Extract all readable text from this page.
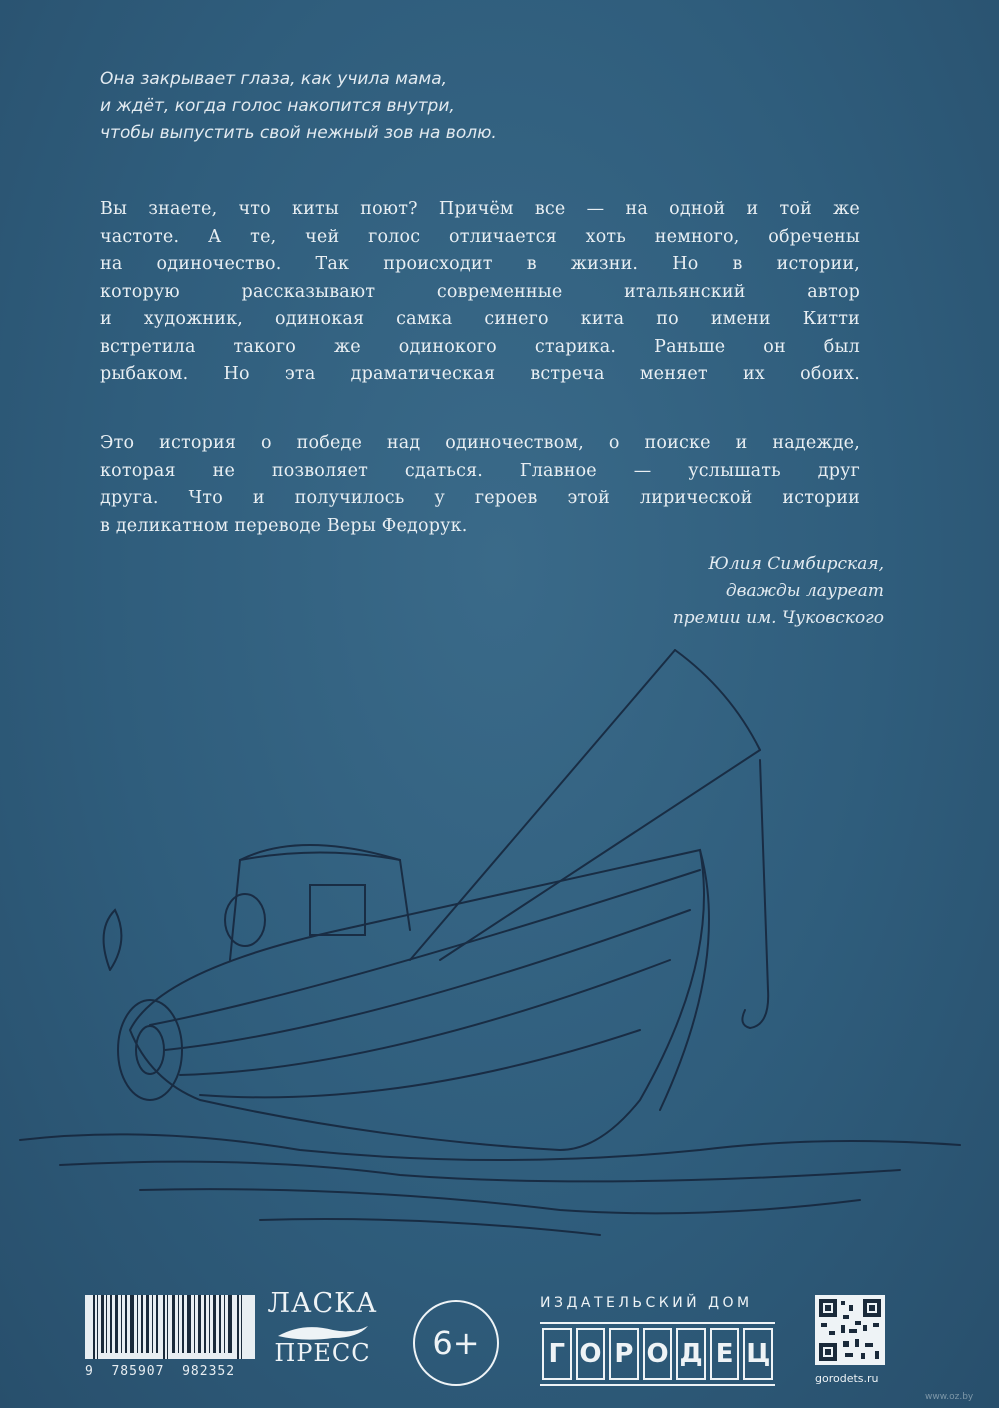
Она закрывает глаза, как учила мама,
и ждёт, когда голос накопится внутри,
чтобы выпустить свой нежный зов на волю.
Вы знаете, что киты поют? Причём все — на одной и той же
частоте. А те, чей голос отличается хоть немного, обречены
на одиночество. Так происходит в жизни. Но в истории,
которую рассказывают современные итальянский автор
и художник, одинокая самка синего кита по имени Китти
встретила такого же одинокого старика. Раньше он был
рыбаком. Но эта драматическая встреча меняет их обоих.
Это история о победе над одиночеством, о поиске и надежде,
которая не позволяет сдаться. Главное — услышать друг
друга. Что и получилось у героев этой лирической истории
в деликатном переводе Веры Федорук.
Юлия Симбирская,
дважды лауреат
премии им. Чуковского
9  785907  982352
ЛАСКА
ПРЕСС	6+
ИЗДАТЕЛЬСКИЙ ДОМ
Г О Р О Д Е Ц
gorodets.ru
www.oz.by
